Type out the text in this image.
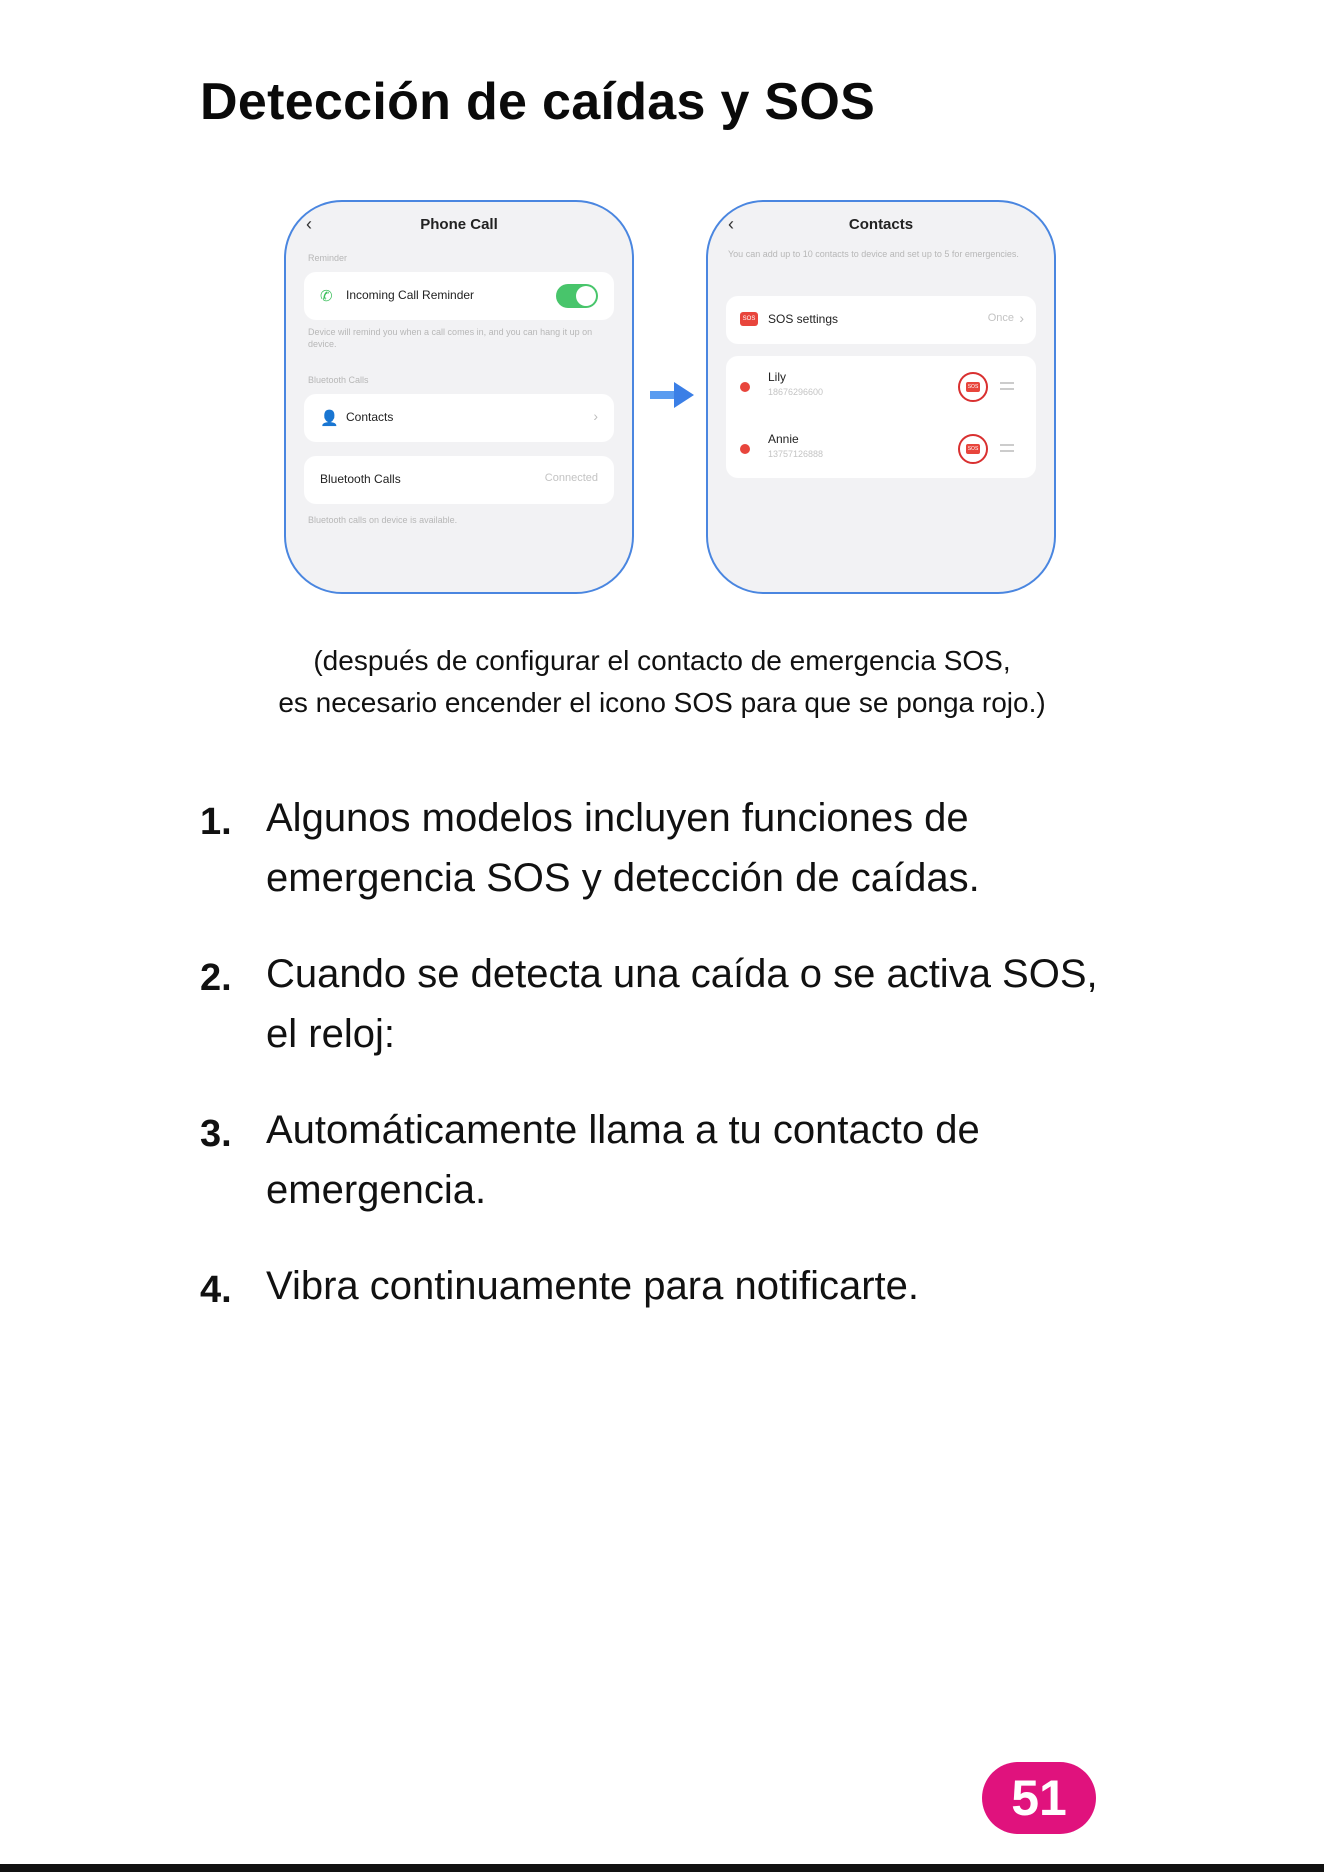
Detección de caídas y SOS
‹	Phone Call
Reminder
✆ Incoming Call Reminder
Device will remind you when a call comes in, and you can hang it up on device.
Bluetooth Calls
👤 Contacts	›
Bluetooth Calls	Connected
Bluetooth calls on device is available.
‹	Contacts
You can add up to 10 contacts to device and set up to 5 for emergencies.
SOS SOS settings	Once ›
Lily
18676296600	SOS
Annie
13757126888	SOS

(después de configurar el contacto de emergencia SOS,
es necesario encender el icono SOS para que se ponga rojo.)

1. Algunos modelos incluyen funciones de emergencia SOS y detección de caídas.
2. Cuando se detecta una caída o se activa SOS, el reloj:
3. Automáticamente llama a tu contacto de emergencia.
4. Vibra continuamente para notificarte.
51
